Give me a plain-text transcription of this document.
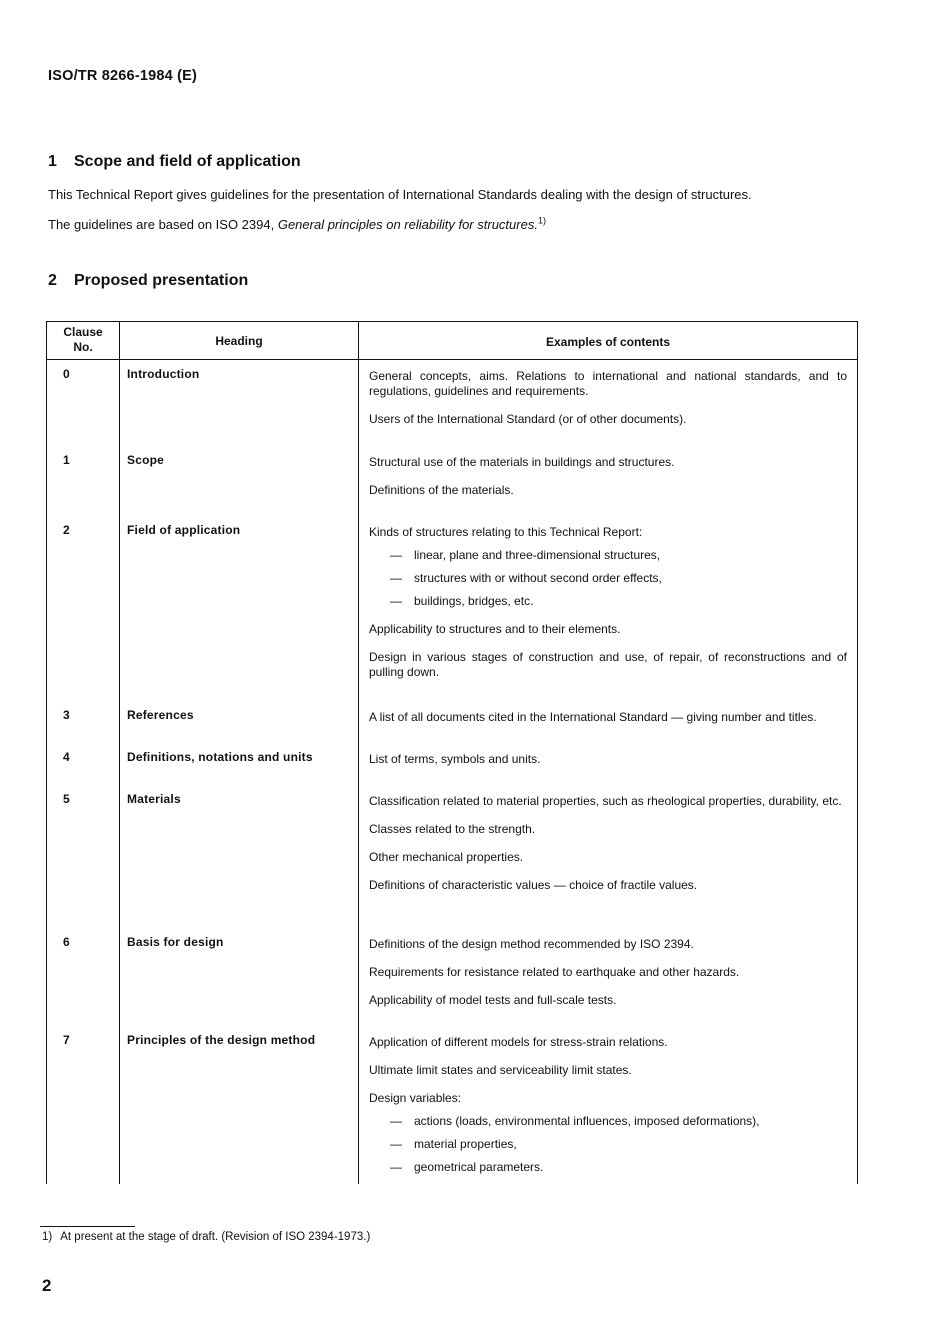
ISO/TR 8266-1984 (E)
1 Scope and field of application
This Technical Report gives guidelines for the presentation of International Standards dealing with the design of structures.
The guidelines are based on ISO 2394, General principles on reliability for structures.$^{1)}$
2 Proposed presentation
Clause No.	Heading	Examples of contents
0	Introduction	General concepts, aims. Relations to international and national standards, and to regulations, guidelines and requirements.

Users of the International Standard (or of other documents).

1	Scope	Structural use of the materials in buildings and structures.

Definitions of the materials.

2	Field of application	Kinds of structures relating to this Technical Report:

— linear, plane and three-dimensional structures,

— structures with or without second order effects,

— buildings, bridges, etc.

Applicability to structures and to their elements.

Design in various stages of construction and use, of repair, of reconstructions and of pulling down.

3	References	A list of all documents cited in the International Standard — giving number and titles.

4	Definitions, notations and units	List of terms, symbols and units.

5	Materials	Classification related to material properties, such as rheological properties, durability, etc.

Classes related to the strength.

Other mechanical properties.

Definitions of characteristic values — choice of fractile values.

6	Basis for design	Definitions of the design method recommended by ISO 2394.

Requirements for resistance related to earthquake and other hazards.

Applicability of model tests and full-scale tests.

7	Principles of the design method	Application of different models for stress-strain relations.

Ultimate limit states and serviceability limit states.

Design variables:

— actions (loads, environmental influences, imposed deformations),

— material properties,

— geometrical parameters.

1) At present at the stage of draft. (Revision of ISO 2394-1973.)
2
